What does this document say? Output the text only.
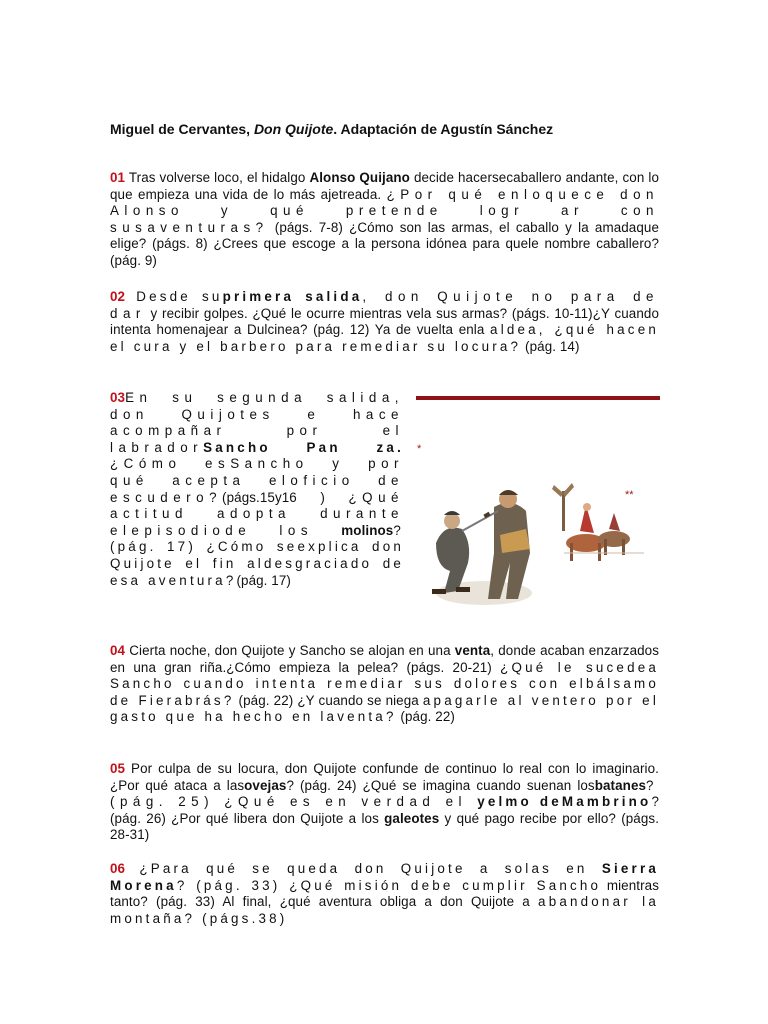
Miguel de Cervantes, Don Quijote. Adaptación de Agustín Sánchez
01 Tras volverse loco, el hidalgo Alonso Quijano decide hacersecaballero andante, con lo que empieza una vida de lo más ajetreada. ¿Por qué enloquece don Alonso y qué pretende logr ar con susaventuras? (págs. 7-8) ¿Cómo son las armas, el caballo y la amadaque elige? (págs. 8) ¿Crees que escoge a la persona idónea para quele nombre caballero? (pág. 9)
02 Desde suprimera salida, don Quijote no para de dar y recibir golpes. ¿Qué le ocurre mientras vela sus armas? (págs. 10-11)¿Y cuando intenta homenajear a Dulcinea? (pág. 12) Ya de vuelta enla aldea, ¿qué hacen el cura y el barbero para remediar su locura? (pág. 14)
03En su segunda salida, don Quijotes e hace acompañar por el labradorSancho Pan za. ¿Cómo esSancho y por qué acepta eloficio de escudero?(págs.15y16 ) ¿Qué actitud adopta durante elepisodiode los molinos? (pág. 17) ¿Cómo seexplica don Quijote el fin aldesgraciado de esa aventura?(pág. 17)
*
**
04 Cierta noche, don Quijote y Sancho se alojan en una venta, donde acaban enzarzados en una gran riña.¿Cómo empieza la pelea? (págs. 20-21) ¿Qué le sucedea Sancho cuando intenta remediar sus dolores con elbálsamo de Fierabrás? (pág. 22) ¿Y cuando se niega apagarle al ventero por el gasto que ha hecho en laventa? (pág. 22)
05 Por culpa de su locura, don Quijote confunde de continuo lo real con lo imaginario. ¿Por qué ataca a lasovejas? (pág. 24) ¿Qué se imagina cuando suenan losbatanes? (pág. 25) ¿Qué es en verdad el yelmo deMambrino? (pág. 26) ¿Por qué libera don Quijote a los galeotes y qué pago recibe por ello? (págs. 28-31)
06 ¿Para qué se queda don Quijote a solas en Sierra Morena? (pág. 33) ¿Qué misión debe cumplir Sancho mientras tanto? (pág. 33) Al final, ¿qué aventura obliga a don Quijote a abandonar la montaña? (págs.38)
